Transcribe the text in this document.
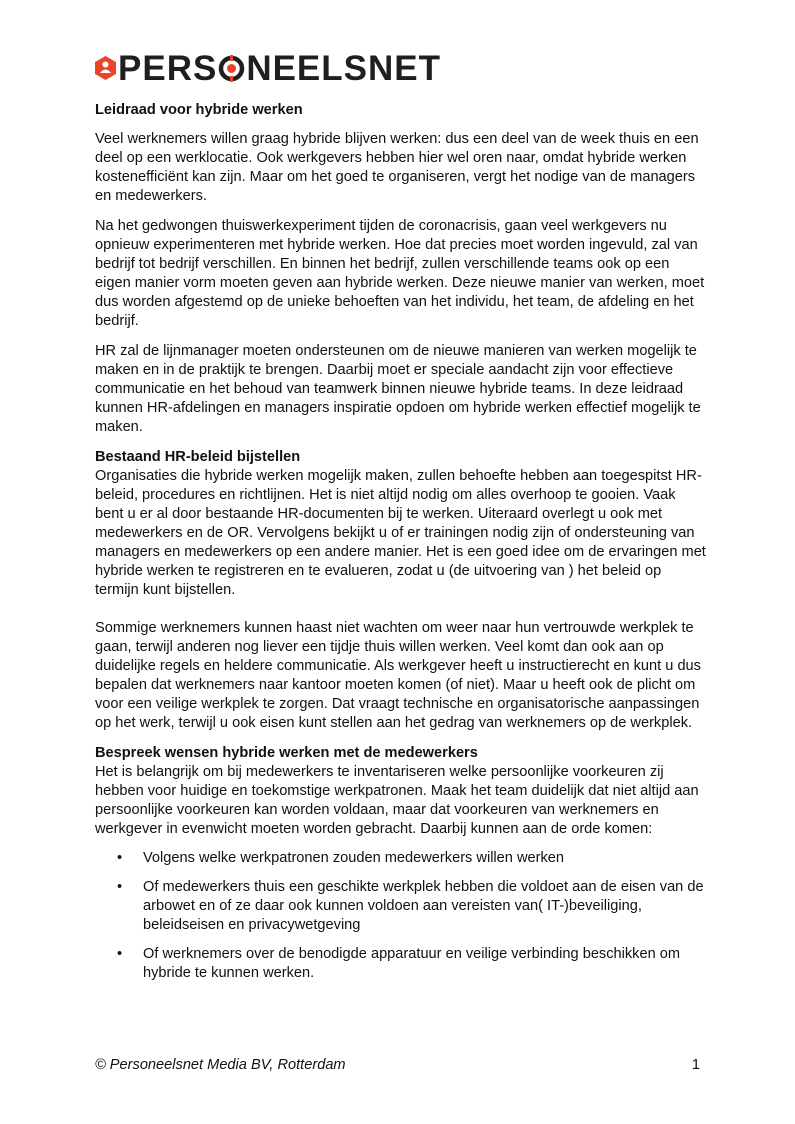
PERS NEELSNET
Leidraad voor hybride werken

Veel werknemers willen graag hybride blijven werken: dus een deel van de week thuis en een deel op een werklocatie. Ook werkgevers hebben hier wel oren naar, omdat hybride werken kostenefficiënt kan zijn. Maar om het goed te organiseren, vergt het nodige van de managers en medewerkers.

Na het gedwongen thuiswerkexperiment tijden de coronacrisis, gaan veel werkgevers nu opnieuw experimenteren met hybride werken. Hoe dat precies moet worden ingevuld, zal van bedrijf tot bedrijf verschillen. En binnen het bedrijf, zullen verschillende teams ook op een eigen manier vorm moeten geven aan hybride werken. Deze nieuwe manier van werken, moet dus worden afgestemd op de unieke behoeften van het individu, het team, de afdeling en het bedrijf.

HR zal de lijnmanager moeten ondersteunen om de nieuwe manieren van werken mogelijk te maken en in de praktijk te brengen. Daarbij moet er speciale aandacht zijn voor effectieve communicatie en het behoud van teamwerk binnen nieuwe hybride teams. In deze leidraad kunnen HR-afdelingen en managers inspiratie opdoen om hybride werken effectief mogelijk te maken.

Bestaand HR-beleid bijstellen

Organisaties die hybride werken mogelijk maken, zullen behoefte hebben aan toegespitst HR-beleid, procedures en richtlijnen. Het is niet altijd nodig om alles overhoop te gooien. Vaak bent u er al door bestaande HR-documenten bij te werken. Uiteraard overlegt u ook met medewerkers en de OR. Vervolgens bekijkt u of er trainingen nodig zijn of ondersteuning van managers en medewerkers op een andere manier. Het is een goed idee om de ervaringen met hybride werken te registreren en te evalueren, zodat u (de uitvoering van ) het beleid op termijn kunt bijstellen.

Sommige werknemers kunnen haast niet wachten om weer naar hun vertrouwde werkplek te gaan, terwijl anderen nog liever een tijdje thuis willen werken. Veel komt dan ook aan op duidelijke regels en heldere communicatie. Als werkgever heeft u instructierecht en kunt u dus bepalen dat werknemers naar kantoor moeten komen (of niet). Maar u heeft ook de plicht om voor een veilige werkplek te zorgen. Dat vraagt technische en organisatorische aanpassingen op het werk, terwijl u ook eisen kunt stellen aan het gedrag van werknemers op de werkplek.

Bespreek wensen hybride werken met de medewerkers

Het is belangrijk om bij medewerkers te inventariseren welke persoonlijke voorkeuren zij hebben voor huidige en toekomstige werkpatronen. Maak het team duidelijk dat niet altijd aan persoonlijke voorkeuren kan worden voldaan, maar dat voorkeuren van werknemers en werkgever in evenwicht moeten worden gebracht. Daarbij kunnen aan de orde komen:

• Volgens welke werkpatronen zouden medewerkers willen werken
• Of medewerkers thuis een geschikte werkplek hebben die voldoet aan de eisen van de arbowet en of ze daar ook kunnen voldoen aan vereisten van( IT-)beveiliging, beleidseisen en privacywetgeving
• Of werknemers over de benodigde apparatuur en veilige verbinding beschikken om hybride te kunnen werken.
© Personeelsnet Media BV, Rotterdam	1
